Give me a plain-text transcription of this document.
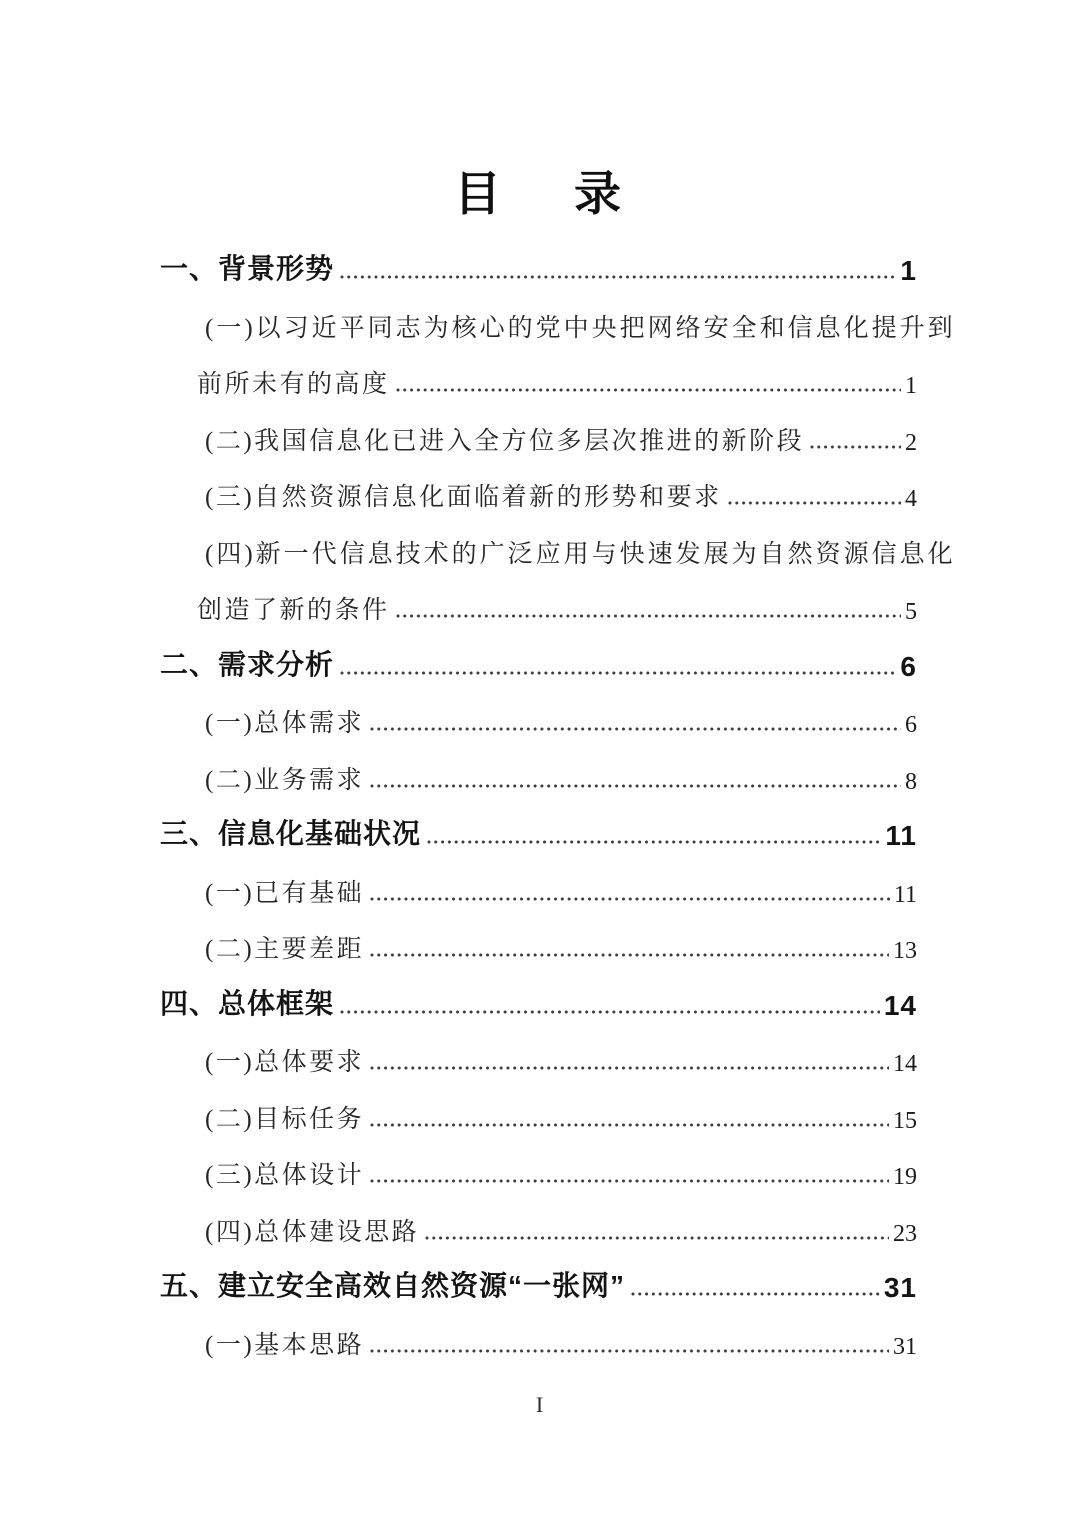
目 录
一、背景形势	1
(一)以习近平同志为核心的党中央把网络安全和信息化提升到
前所未有的高度	1
(二)我国信息化已进入全方位多层次推进的新阶段	2
(三)自然资源信息化面临着新的形势和要求	4
(四)新一代信息技术的广泛应用与快速发展为自然资源信息化
创造了新的条件	5
二、需求分析	6
(一)总体需求	6
(二)业务需求	8
三、信息化基础状况	11
(一)已有基础	11
(二)主要差距	13
四、总体框架	14
(一)总体要求	14
(二)目标任务	15
(三)总体设计	19
(四)总体建设思路	23
五、建立安全高效自然资源“一张网”	31
(一)基本思路	31
I
